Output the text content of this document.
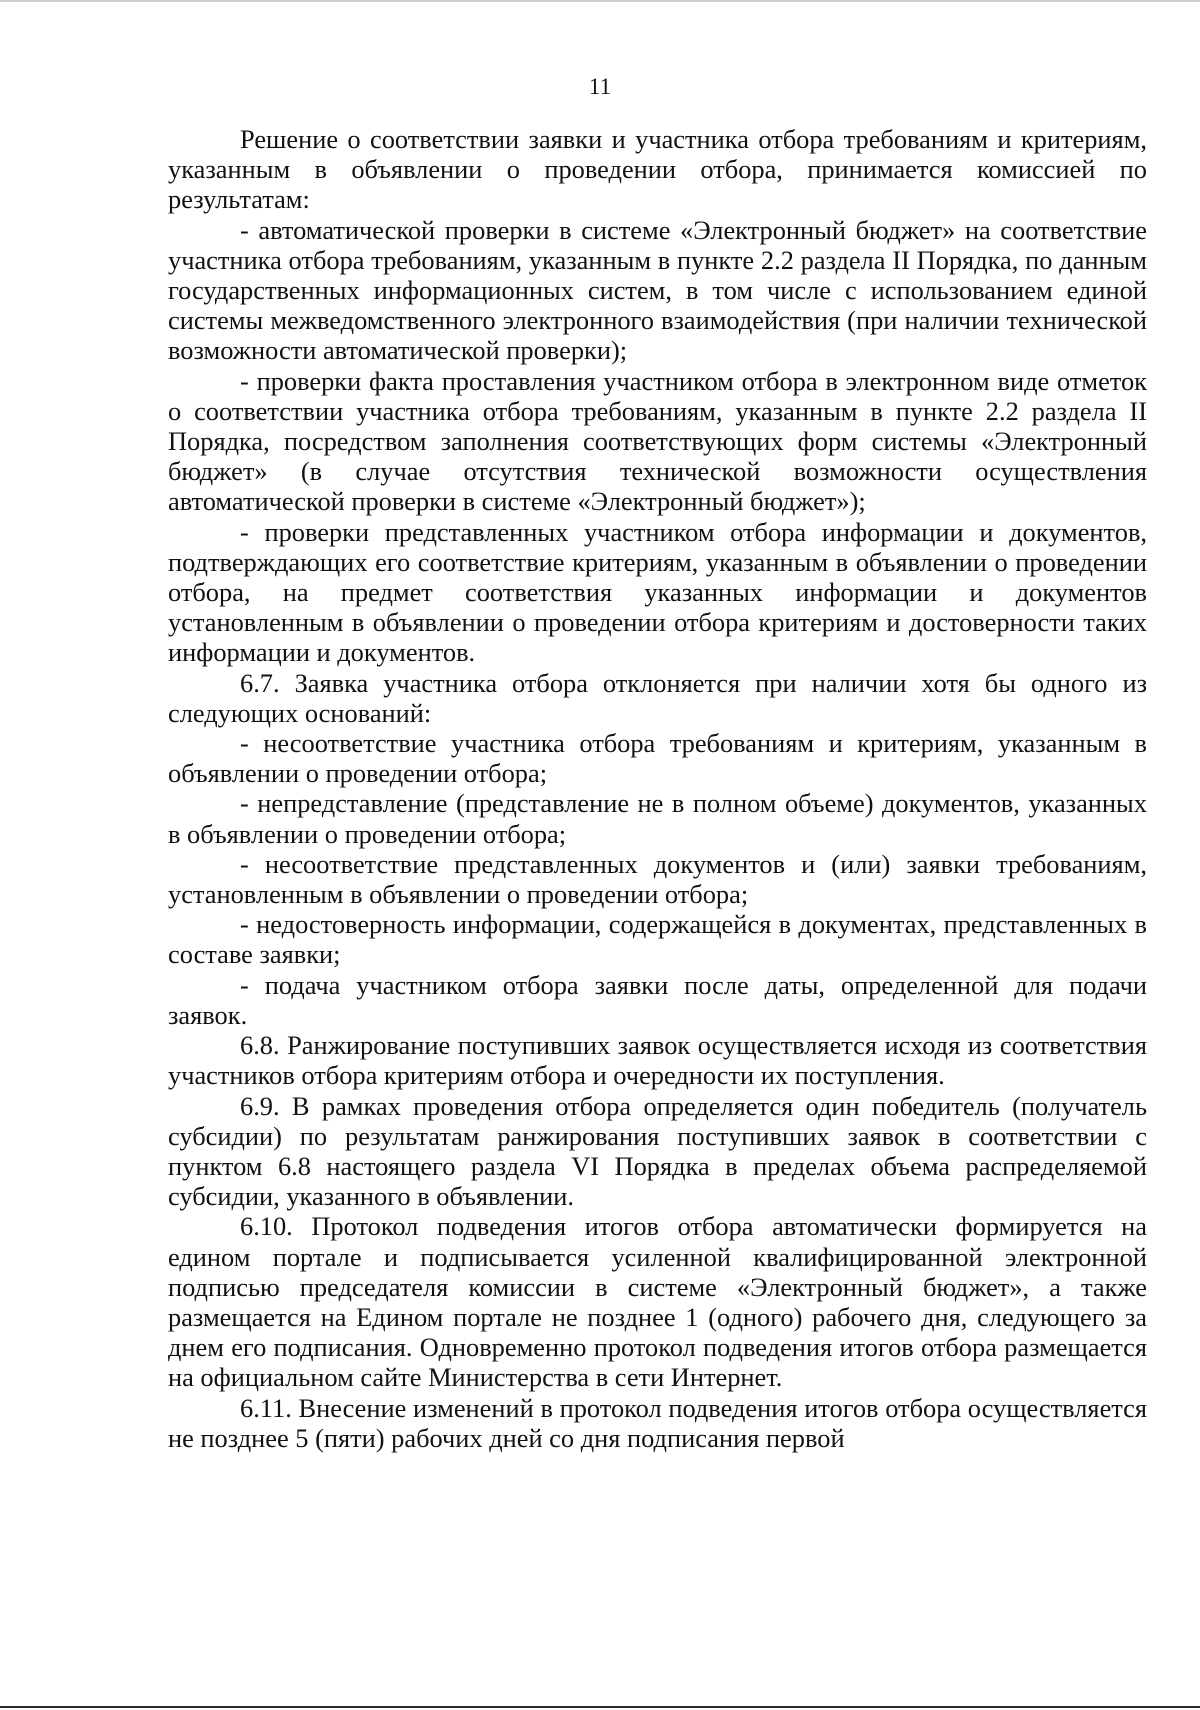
11

Решение о соответствии заявки и участника отбора требованиям и критериям, указанным в объявлении о проведении отбора, принимается комиссией по результатам:

- автоматической проверки в системе «Электронный бюджет» на соответствие участника отбора требованиям, указанным в пункте 2.2 раздела II Порядка, по данным государственных информационных систем, в том числе с использованием единой системы межведомственного электронного взаимодействия (при наличии технической возможности автоматической проверки);

- проверки факта проставления участником отбора в электронном виде отметок о соответствии участника отбора требованиям, указанным в пункте 2.2 раздела II Порядка, посредством заполнения соответствующих форм системы «Электронный бюджет» (в случае отсутствия технической возможности осуществления автоматической проверки в системе «Электронный бюджет»);

- проверки представленных участником отбора информации и документов, подтверждающих его соответствие критериям, указанным в объявлении о проведении отбора, на предмет соответствия указанных информации и документов установленным в объявлении о проведении отбора критериям и достоверности таких информации и документов.

6.7. Заявка участника отбора отклоняется при наличии хотя бы одного из следующих оснований:

- несоответствие участника отбора требованиям и критериям, указанным в объявлении о проведении отбора;

- непредставление (представление не в полном объеме) документов, указанных в объявлении о проведении отбора;

- несоответствие представленных документов и (или) заявки требованиям, установленным в объявлении о проведении отбора;

- недостоверность информации, содержащейся в документах, представленных в составе заявки;

- подача участником отбора заявки после даты, определенной для подачи заявок.

6.8. Ранжирование поступивших заявок осуществляется исходя из соответствия участников отбора критериям отбора и очередности их поступления.

6.9. В рамках проведения отбора определяется один победитель (получатель субсидии) по результатам ранжирования поступивших заявок в соответствии с пунктом 6.8 настоящего раздела VI Порядка в пределах объема распределяемой субсидии, указанного в объявлении.

6.10. Протокол подведения итогов отбора автоматически формируется на едином портале и подписывается усиленной квалифицированной электронной подписью председателя комиссии в системе «Электронный бюджет», а также размещается на Едином портале не позднее 1 (одного) рабочего дня, следующего за днем его подписания. Одновременно протокол подведения итогов отбора размещается на официальном сайте Министерства в сети Интернет.

6.11. Внесение изменений в протокол подведения итогов отбора осуществляется не позднее 5 (пяти) рабочих дней со дня подписания первой
